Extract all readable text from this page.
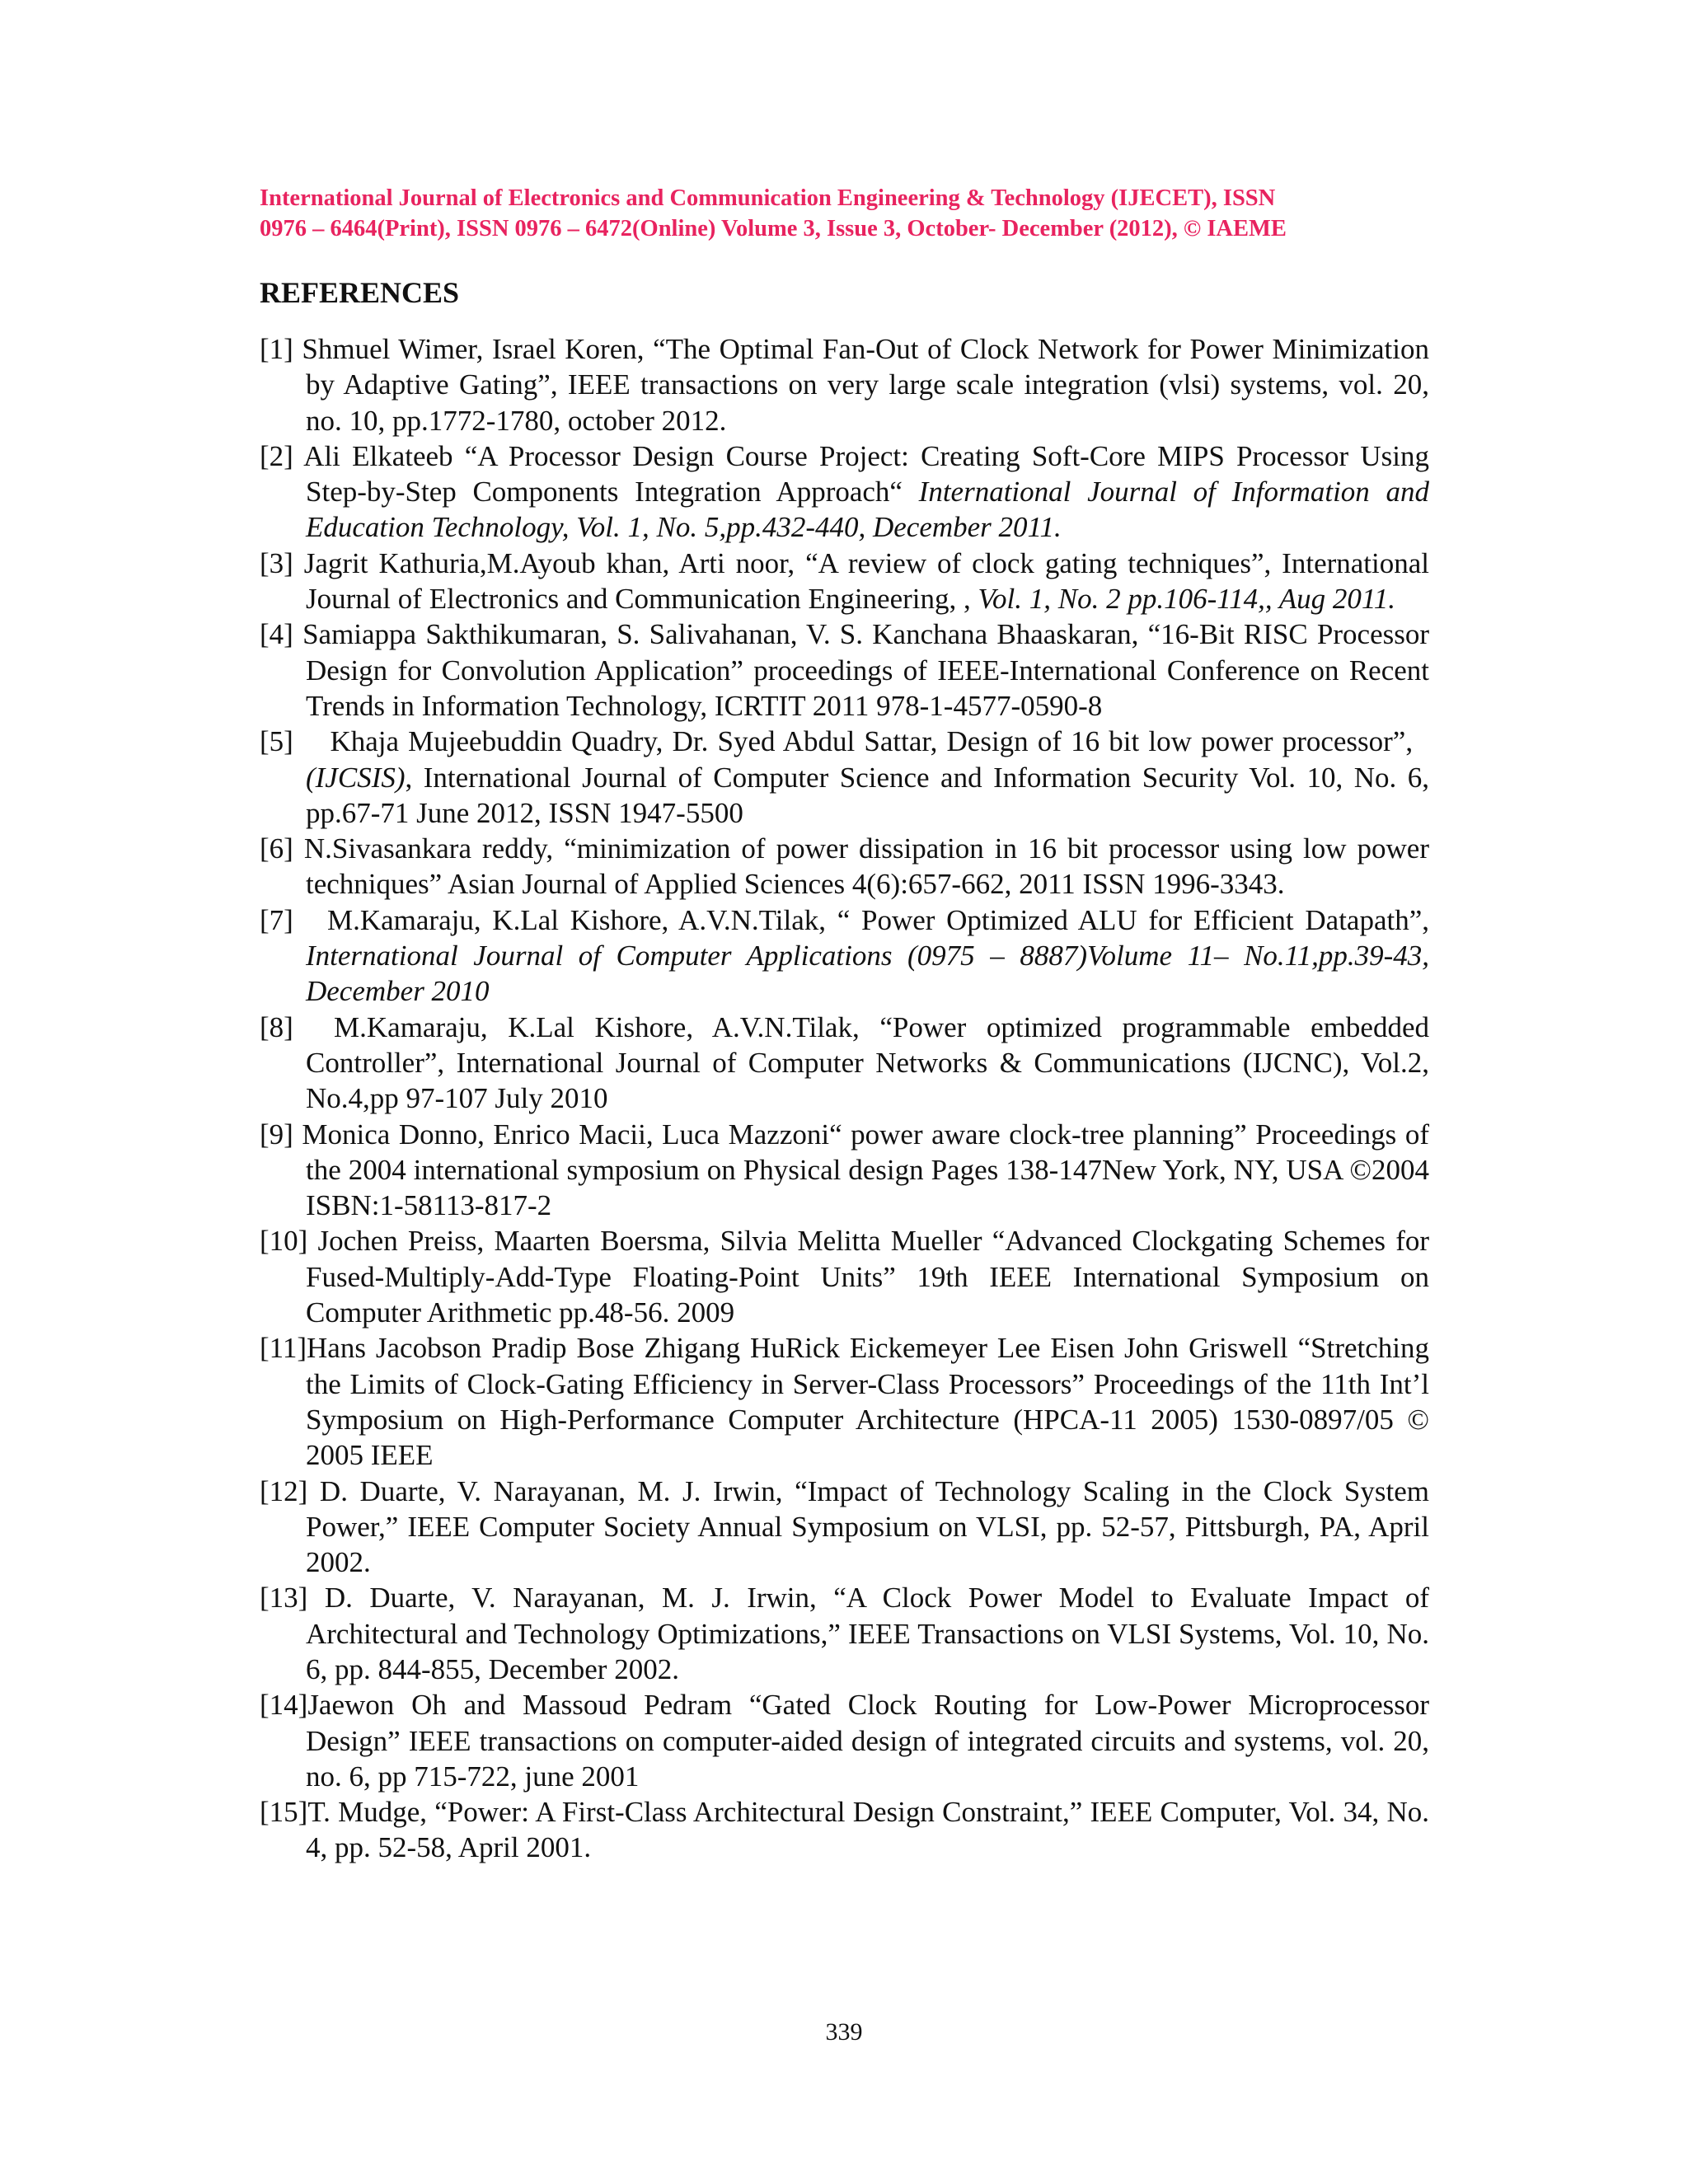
International Journal of Electronics and Communication Engineering & Technology (IJECET), ISSN
0976 – 6464(Print), ISSN 0976 – 6472(Online) Volume 3, Issue 3, October- December (2012), © IAEME
REFERENCES
[1] Shmuel Wimer, Israel Koren, “The Optimal Fan-Out of Clock Network for Power Minimization by Adaptive Gating”, IEEE transactions on very large scale integration (vlsi) systems, vol. 20, no. 10, pp.1772-1780, october 2012.
[2] Ali Elkateeb “A Processor Design Course Project: Creating Soft-Core MIPS Processor Using Step-by-Step Components Integration Approach“ International Journal of Information and Education Technology, Vol. 1, No. 5,pp.432-440, December 2011.
[3] Jagrit Kathuria,M.Ayoub khan, Arti noor, “A review of clock gating techniques”, International Journal of Electronics and Communication Engineering, , Vol. 1, No. 2 pp.106-114,, Aug 2011.
[4] Samiappa Sakthikumaran, S. Salivahanan, V. S. Kanchana Bhaaskaran, “16-Bit RISC Processor Design for Convolution Application” proceedings of IEEE-International Conference on Recent Trends in Information Technology, ICRTIT 2011 978-1-4577-0590-8
[5] Khaja Mujeebuddin Quadry, Dr. Syed Abdul Sattar, Design of 16 bit low power processor”,   (IJCSIS), International Journal of Computer Science and Information Security Vol. 10, No. 6, pp.67-71 June 2012, ISSN 1947-5500
[6] N.Sivasankara reddy, “minimization of power dissipation in 16 bit processor using low power techniques” Asian Journal of Applied Sciences 4(6):657-662, 2011 ISSN 1996-3343.
[7] M.Kamaraju, K.Lal Kishore, A.V.N.Tilak, “ Power Optimized ALU for Efficient Datapath”, International Journal of Computer Applications (0975 – 8887)Volume 11– No.11,pp.39-43, December 2010
[8] M.Kamaraju, K.Lal Kishore, A.V.N.Tilak, “Power optimized programmable embedded Controller”, International Journal of Computer Networks & Communications (IJCNC), Vol.2, No.4,pp 97-107 July 2010
[9] Monica Donno, Enrico Macii, Luca Mazzoni“ power aware clock-tree planning” Proceedings of the 2004 international symposium on Physical design Pages 138-147New York, NY, USA ©2004 ISBN:1-58113-817-2
[10] Jochen Preiss, Maarten Boersma, Silvia Melitta Mueller “Advanced Clockgating Schemes for Fused-Multiply-Add-Type Floating-Point Units” 19th IEEE International Symposium on Computer Arithmetic pp.48-56. 2009
[11]Hans Jacobson Pradip Bose Zhigang HuRick Eickemeyer Lee Eisen John Griswell “Stretching the Limits of Clock-Gating Efficiency in Server-Class Processors” Proceedings of the 11th Int’l Symposium on High-Performance Computer Architecture (HPCA-11 2005) 1530-0897/05 © 2005 IEEE
[12] D. Duarte, V. Narayanan, M. J. Irwin, “Impact of Technology Scaling in the Clock System Power,” IEEE Computer Society Annual Symposium on VLSI, pp. 52-57, Pittsburgh, PA, April 2002.
[13] D. Duarte, V. Narayanan, M. J. Irwin, “A Clock Power Model to Evaluate Impact of Architectural and Technology Optimizations,” IEEE Transactions on VLSI Systems, Vol. 10, No. 6, pp. 844-855, December 2002.
[14]Jaewon Oh and Massoud Pedram “Gated Clock Routing for Low-Power Microprocessor Design” IEEE transactions on computer-aided design of integrated circuits and systems, vol. 20, no. 6, pp 715-722, june 2001
[15]T. Mudge, “Power: A First-Class Architectural Design Constraint,” IEEE Computer, Vol. 34, No. 4, pp. 52-58, April 2001.
339
